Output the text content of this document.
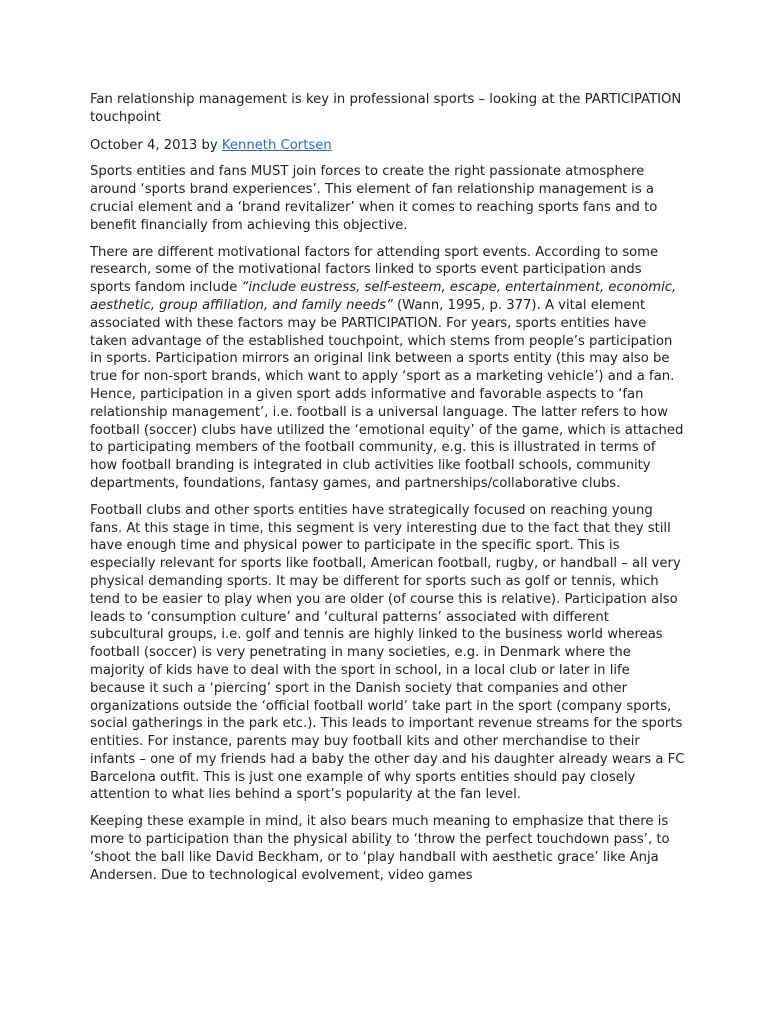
Fan relationship management is key in professional sports – looking at the PARTICIPATION touchpoint
October 4, 2013 by Kenneth Cortsen

Sports entities and fans MUST join forces to create the right passionate atmosphere around ‘sports brand experiences’. This element of fan relationship management is a crucial element and a ‘brand revitalizer’ when it comes to reaching sports fans and to benefit financially from achieving this objective.

There are different motivational factors for attending sport events. According to some research, some of the motivational factors linked to sports event participation ands sports fandom include “include eustress, self-esteem, escape, entertainment, economic, aesthetic, group affiliation, and family needs” (Wann, 1995, p. 377). A vital element associated with these factors may be PARTICIPATION. For years, sports entities have taken advantage of the established touchpoint, which stems from people’s participation in sports. Participation mirrors an original link between a sports entity (this may also be true for non-sport brands, which want to apply ‘sport as a marketing vehicle’) and a fan. Hence, participation in a given sport adds informative and favorable aspects to ‘fan relationship management’, i.e. football is a universal language. The latter refers to how football (soccer) clubs have utilized the ‘emotional equity’ of the game, which is attached to participating members of the football community, e.g. this is illustrated in terms of how football branding is integrated in club activities like football schools, community departments, foundations, fantasy games, and partnerships/collaborative clubs.

Football clubs and other sports entities have strategically focused on reaching young fans. At this stage in time, this segment is very interesting due to the fact that they still have enough time and physical power to participate in the specific sport. This is especially relevant for sports like football, American football, rugby, or handball – all very physical demanding sports. It may be different for sports such as golf or tennis, which tend to be easier to play when you are older (of course this is relative). Participation also leads to ‘consumption culture’ and ‘cultural patterns’ associated with different subcultural groups, i.e. golf and tennis are highly linked to the business world whereas football (soccer) is very penetrating in many societies, e.g. in Denmark where the majority of kids have to deal with the sport in school, in a local club or later in life because it such a ‘piercing’ sport in the Danish society that companies and other organizations outside the ‘official football world’ take part in the sport (company sports, social gatherings in the park etc.). This leads to important revenue streams for the sports entities. For instance, parents may buy football kits and other merchandise to their infants – one of my friends had a baby the other day and his daughter already wears a FC Barcelona outfit. This is just one example of why sports entities should pay closely attention to what lies behind a sport’s popularity at the fan level.

Keeping these example in mind, it also bears much meaning to emphasize that there is more to participation than the physical ability to ‘throw the perfect touchdown pass’, to ‘shoot the ball like David Beckham, or to ‘play handball with aesthetic grace’ like Anja Andersen. Due to technological evolvement, video games
